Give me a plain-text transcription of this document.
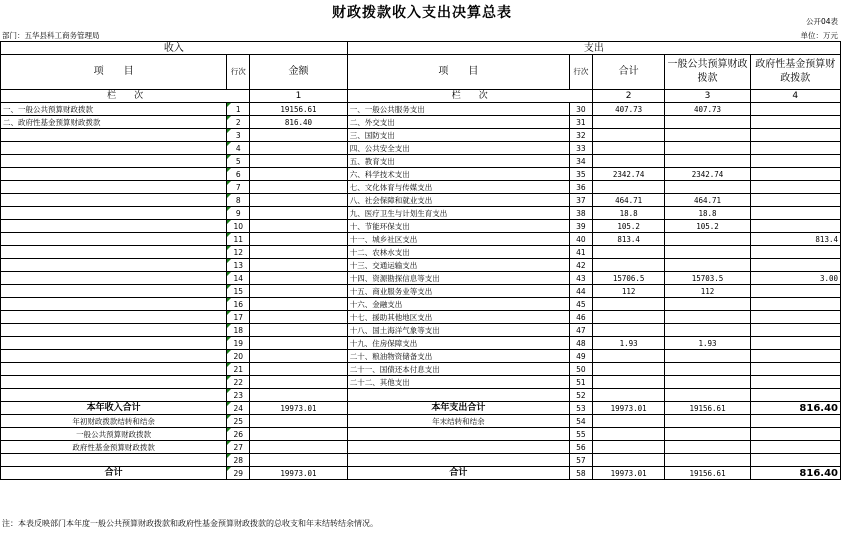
财政拨款收入支出决算总表
公开04表
部门：五华县科工商务管理局	单位：万元
收入			支出				
项　　目	行次	金额	项　　目	行次	合计	一般公共预算财政拨款	政府性基金预算财政拨款
栏　　次		1	栏　　次		2	3	4
一、一般公共预算财政拨款	1	19156.61	一、一般公共服务支出	30	407.73	407.73	
二、政府性基金预算财政拨款	2	816.40	二、外交支出	31			
	3		三、国防支出	32			
	4		四、公共安全支出	33			
	5		五、教育支出	34			
	6		六、科学技术支出	35	2342.74	2342.74	
	7		七、文化体育与传媒支出	36			
	8		八、社会保障和就业支出	37	464.71	464.71	
	9		九、医疗卫生与计划生育支出	38	18.8	18.8	
	10		十、节能环保支出	39	105.2	105.2	
	11		十一、城乡社区支出	40	813.4		813.4
	12		十二、农林水支出	41			
	13		十三、交通运输支出	42			
	14		十四、资源勘探信息等支出	43	15706.5	15703.5	3.00
	15		十五、商业服务业等支出	44	112	112	
	16		十六、金融支出	45			
	17		十七、援助其他地区支出	46			
	18		十八、国土海洋气象等支出	47			
	19		十九、住房保障支出	48	1.93	1.93	
	20		二十、粮油物资储备支出	49			
	21		二十一、国债还本付息支出	50			
	22		二十二、其他支出	51			
	23			52			
本年收入合计	24	19973.01	本年支出合计	53	19973.01	19156.61	816.40
年初财政拨款结转和结余	25		年末结转和结余	54			
一般公共预算财政拨款	26			55			
政府性基金预算财政拨款	27			56			
	28			57			
合计	29	19973.01	合计	58	19973.01	19156.61	816.40
注：本表反映部门本年度一般公共预算财政拨款和政府性基金预算财政拨款的总收支和年末结转结余情况。
